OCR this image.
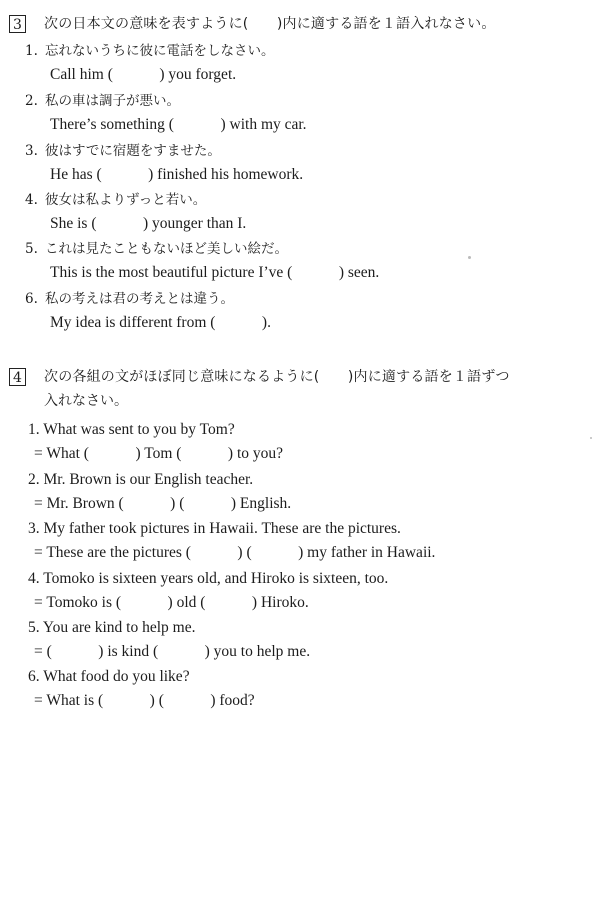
3 次の日本文の意味を表すように(　　)内に適する語を１語入れなさい。
1. 忘れないうちに彼に電話をしなさい。
Call him (　　　) you forget.
2. 私の車は調子が悪い。
There’s something (　　　) with my car.
3. 彼はすでに宿題をすませた。
He has (　　　) finished his homework.
4. 彼女は私よりずっと若い。
She is (　　　) younger than I.
5. これは見たこともないほど美しい絵だ。
This is the most beautiful picture I’ve (　　　) seen.
6. 私の考えは君の考えとは違う。
My idea is different from (　　　).
4 次の各組の文がほぼ同じ意味になるように(　　)内に適する語を１語ずつ
入れなさい。
1. What was sent to you by Tom?
= What (　　　) Tom (　　　) to you?
2. Mr. Brown is our English teacher.
= Mr. Brown (　　　) (　　　) English.
3. My father took pictures in Hawaii. These are the pictures.
= These are the pictures (　　　) (　　　) my father in Hawaii.
4. Tomoko is sixteen years old, and Hiroko is sixteen, too.
= Tomoko is (　　　) old (　　　) Hiroko.
5. You are kind to help me.
= (　　　) is kind (　　　) you to help me.
6. What food do you like?
= What is (　　　) (　　　) food?
